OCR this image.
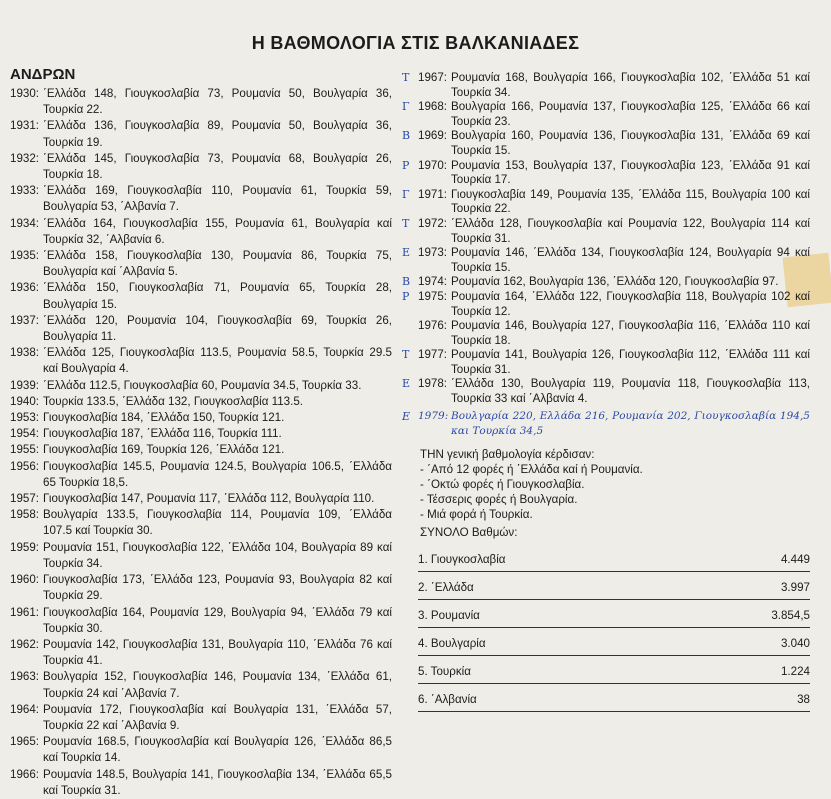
Η ΒΑΘΜΟΛΟΓΙΑ ΣΤΙΣ ΒΑΛΚΑΝΙΑΔΕΣ
ΑΝΔΡΩΝ
1930: ΄Ελλάδα 148, Γιουγκοσλαβία 73, Ρουμανία 50, Βουλγαρία 36, Τουρκία 22.
1931: ΄Ελλάδα 136, Γιουγκοσλαβία 89, Ρουμανία 50, Βουλγαρία 36, Τουρκία 19.
1932: ΄Ελλάδα 145, Γιουγκοσλαβία 73, Ρουμανία 68, Βουλγαρία 26, Τουρκία 18.
1933: ΄Ελλάδα 169, Γιουγκοσλαβία 110, Ρουμανία 61, Τουρκία 59, Βουλγαρία 53, ΄Αλβανία 7.
1934: ΄Ελλάδα 164, Γιουγκοσλαβία 155, Ρουμανία 61, Βουλγαρία καί Τουρκία 32, ΄Αλβανία 6.
1935: ΄Ελλάδα 158, Γιουγκοσλαβία 130, Ρουμανία 86, Τουρκία 75, Βουλγαρία καί ΄Αλβανία 5.
1936: ΄Ελλάδα 150, Γιουγκοσλαβία 71, Ρουμανία 65, Τουρκία 28, Βουλγαρία 15.
1937: ΄Ελλάδα 120, Ρουμανία 104, Γιουγκοσλαβία 69, Τουρκία 26, Βουλγαρία 11.
1938: ΄Ελλάδα 125, Γιουγκοσλαβία 113.5, Ρουμανία 58.5, Τουρκία 29.5 καί Βουλγαρία 4.
1939: ΄Ελλάδα 112.5, Γιουγκοσλαβία 60, Ρουμανία 34.5, Τουρκία 33.
1940: Τουρκία 133.5, ΄Ελλάδα 132, Γιουγκοσλαβία 113.5.
1953: Γιουγκοσλαβία 184, ΄Ελλάδα 150, Τουρκία 121.
1954: Γιουγκοσλαβία 187, ΄Ελλάδα 116, Τουρκία 111.
1955: Γιουγκοσλαβία 169, Τουρκία 126, ΄Ελλάδα 121.
1956: Γιουγκοσλαβία 145.5, Ρουμανία 124.5, Βουλγαρία 106.5, ΄Ελλάδα 65 Τουρκία 18,5.
1957: Γιουγκοσλαβία 147, Ρουμανία 117, ΄Ελλάδα 112, Βουλγαρία 110.
1958: Βουλγαρία 133.5, Γιουγκοσλαβία 114, Ρουμανία 109, ΄Ελλάδα 107.5 καί Τουρκία 30.
1959: Ρουμανία 151, Γιουγκοσλαβία 122, ΄Ελλάδα 104, Βουλγαρία 89 καί Τουρκία 34.
1960: Γιουγκοσλαβία 173, ΄Ελλάδα 123, Ρουμανία 93, Βουλγαρία 82 καί Τουρκία 29.
1961: Γιουγκοσλαβία 164, Ρουμανία 129, Βουλγαρία 94, ΄Ελλάδα 79 καί Τουρκία 30.
1962: Ρουμανία 142, Γιουγκοσλαβία 131, Βουλγαρία 110, ΄Ελλάδα 76 καί Τουρκία 41.
1963: Βουλγαρία 152, Γιουγκοσλαβία 146, Ρουμανία 134, ΄Ελλάδα 61, Τουρκία 24 καί ΄Αλβανία 7.
1964: Ρουμανία 172, Γιουγκοσλαβία καί Βουλγαρία 131, ΄Ελλάδα 57, Τουρκία 22 καί ΄Αλβανία 9.
1965: Ρουμανία 168.5, Γιουγκοσλαβία καί Βουλγαρία 126, ΄Ελλάδα 86,5 καί Τουρκία 14.
1966: Ρουμανία 148.5, Βουλγαρία 141, Γιουγκοσλαβία 134, ΄Ελλάδα 65,5 καί Τουρκία 31.
Τ 1967: Ρουμανία 168, Βουλγαρία 166, Γιουγκοσλαβία 102, ΄Ελλάδα 51 καί Τουρκία 34.
Γ 1968: Βουλγαρία 166, Ρουμανία 137, Γιουγκοσλαβία 125, ΄Ελλάδα 66 καί Τουρκία 23.
Β 1969: Βουλγαρία 160, Ρουμανία 136, Γιουγκοσλαβία 131, ΄Ελλάδα 69 καί Τουρκία 15.
Ρ 1970: Ρουμανία 153, Βουλγαρία 137, Γιουγκοσλαβία 123, ΄Ελλάδα 91 καί Τουρκία 17.
Γ 1971: Γιουγκοσλαβία 149, Ρουμανία 135, ΄Ελλάδα 115, Βουλγαρία 100 καί Τουρκία 22.
Τ 1972: ΄Ελλάδα 128, Γιουγκοσλαβία καί Ρουμανία 122, Βουλγαρία 114 καί Τουρκία 31.
Ε 1973: Ρουμανία 146, ΄Ελλάδα 134, Γιουγκοσλαβία 124, Βουλγαρία 94 καί Τουρκία 15.
Β 1974: Ρουμανία 162, Βουλγαρία 136, ΄Ελλάδα 120, Γιουγκοσλαβία 97.
Ρ 1975: Ρουμανία 164, ΄Ελλάδα 122, Γιουγκοσλαβία 118, Βουλγαρία 102 καί Τουρκία 12.
1976: Ρουμανία 146, Βουλγαρία 127, Γιουγκοσλαβία 116, ΄Ελλάδα 110 καί Τουρκία 18.
Τ 1977: Ρουμανία 141, Βουλγαρία 126, Γιουγκοσλαβία 112, ΄Ελλάδα 111 καί Τουρκία 31.
Ε 1978: ΄Ελλάδα 130, Βουλγαρία 119, Ρουμανία 118, Γιουγκοσλαβία 113, Τουρκία 33 καί ΄Αλβανία 4.
Ε 1979: Βουλγαρία 220, Ελλάδα 216, Ρουμανία 202, Γιουγκοσλαβία 194,5 και Τουρκία 34,5
ΤΗΝ γενική βαθμολογία κέρδισαν:
- ΄Από 12 φορές ή ΄Ελλάδα καί ή Ρουμανία.
- ΄Οκτώ φορές ή Γιουγκοσλαβία.
- Τέσσερις φορές ή Βουλγαρία.
- Μιά φορά ή Τουρκία.
ΣΥΝΟΛΟ Βαθμών:
1. Γιουγκοσλαβία	4.449
2. ΄Ελλάδα	3.997
3. Ρουμανία	3.854,5
4. Βουλγαρία	3.040
5. Τουρκία	1.224
6. ΄Αλβανία	38
